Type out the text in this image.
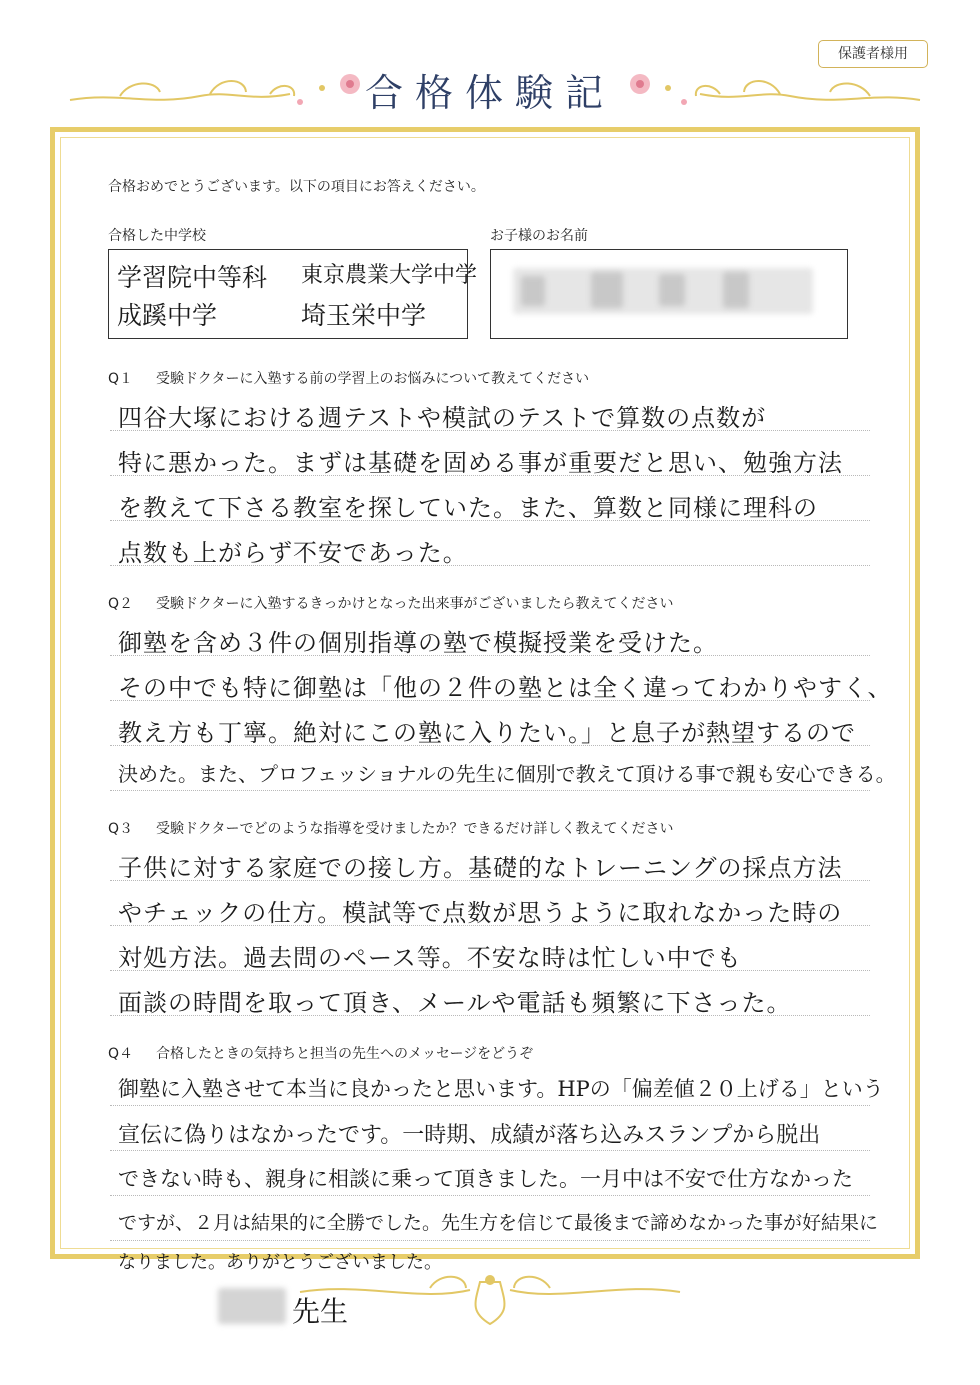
保護者様用
合格体験記
合格おめでとうございます。以下の項目にお答えください。
合格した中学校
学習院中等科 東京農業大学中学
成蹊中学	埼玉栄中学
お子様のお名前
Q１ 受験ドクターに入塾する前の学習上のお悩みについて教えてください
四谷大塚における週テストや模試のテストで算数の点数が
特に悪かった。まずは基礎を固める事が重要だと思い、勉強方法
を教えて下さる教室を探していた。また、算数と同様に理科の
点数も上がらず不安であった。
Q２ 受験ドクターに入塾するきっかけとなった出来事がございましたら教えてください
御塾を含め３件の個別指導の塾で模擬授業を受けた。
その中でも特に御塾は「他の２件の塾とは全く違ってわかりやすく、
教え方も丁寧。絶対にこの塾に入りたい。」と息子が熱望するので
決めた。また、プロフェッショナルの先生に個別で教えて頂ける事で親も安心できる。
Q３ 受験ドクターでどのような指導を受けましたか？できるだけ詳しく教えてください
子供に対する家庭での接し方。基礎的なトレーニングの採点方法
やチェックの仕方。模試等で点数が思うように取れなかった時の
対処方法。過去問のペース等。不安な時は忙しい中でも
面談の時間を取って頂き、メールや電話も頻繁に下さった。
Q４ 合格したときの気持ちと担当の先生へのメッセージをどうぞ
御塾に入塾させて本当に良かったと思います。HPの「偏差値２０上げる」という
宣伝に偽りはなかったです。一時期、成績が落ち込みスランプから脱出
できない時も、親身に相談に乗って頂きました。一月中は不安で仕方なかった
ですが、２月は結果的に全勝でした。先生方を信じて最後まで諦めなかった事が好結果に
なりました。ありがとうございました。
先生
